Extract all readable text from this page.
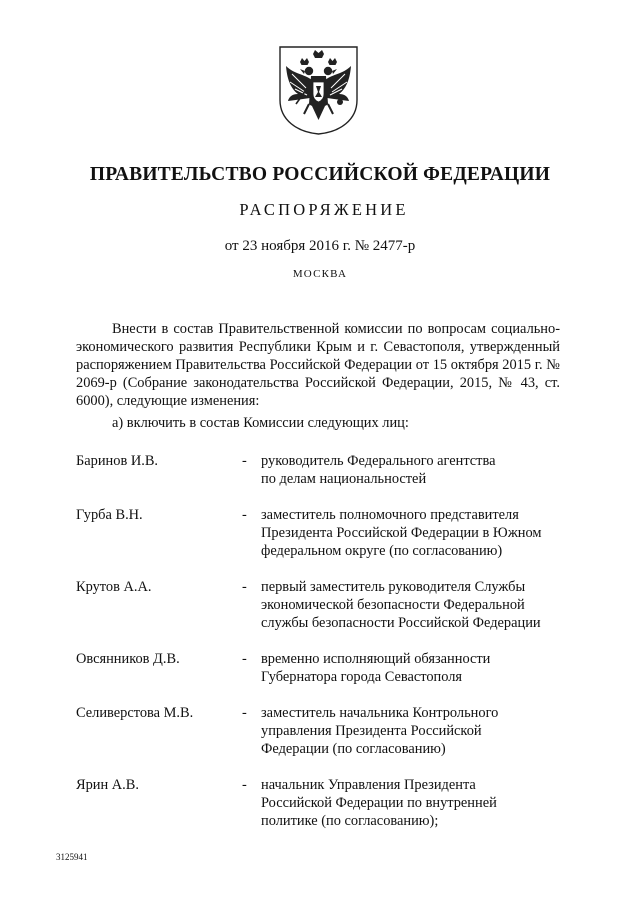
ПРАВИТЕЛЬСТВО РОССИЙСКОЙ ФЕДЕРАЦИИ
РАСПОРЯЖЕНИЕ
от 23 ноября 2016 г. № 2477-р
МОСКВА

Внести в состав Правительственной комиссии по вопросам социально-экономического развития Республики Крым и г. Севастополя, утвержденный распоряжением Правительства Российской Федерации от 15 октября 2015 г. № 2069-р (Собрание законодательства Российской Федерации, 2015, № 43, ст. 6000), следующие изменения:

а) включить в состав Комиссии следующих лиц:

Баринов И.В.	- руководитель Федерального агентства
по делам национальностей
Гурба В.Н.	- заместитель полномочного представителя
Президента Российской Федерации в Южном
федеральном округе (по согласованию)
Крутов А.А.	- первый заместитель руководителя Службы
экономической безопасности Федеральной
службы безопасности Российской Федерации
Овсянников Д.В.	- временно исполняющий обязанности
Губернатора города Севастополя
Селиверстова М.В.	- заместитель начальника Контрольного
управления Президента Российской
Федерации (по согласованию)
Ярин А.В.	- начальник Управления Президента
Российской Федерации по внутренней
политике (по согласованию);
3125941
